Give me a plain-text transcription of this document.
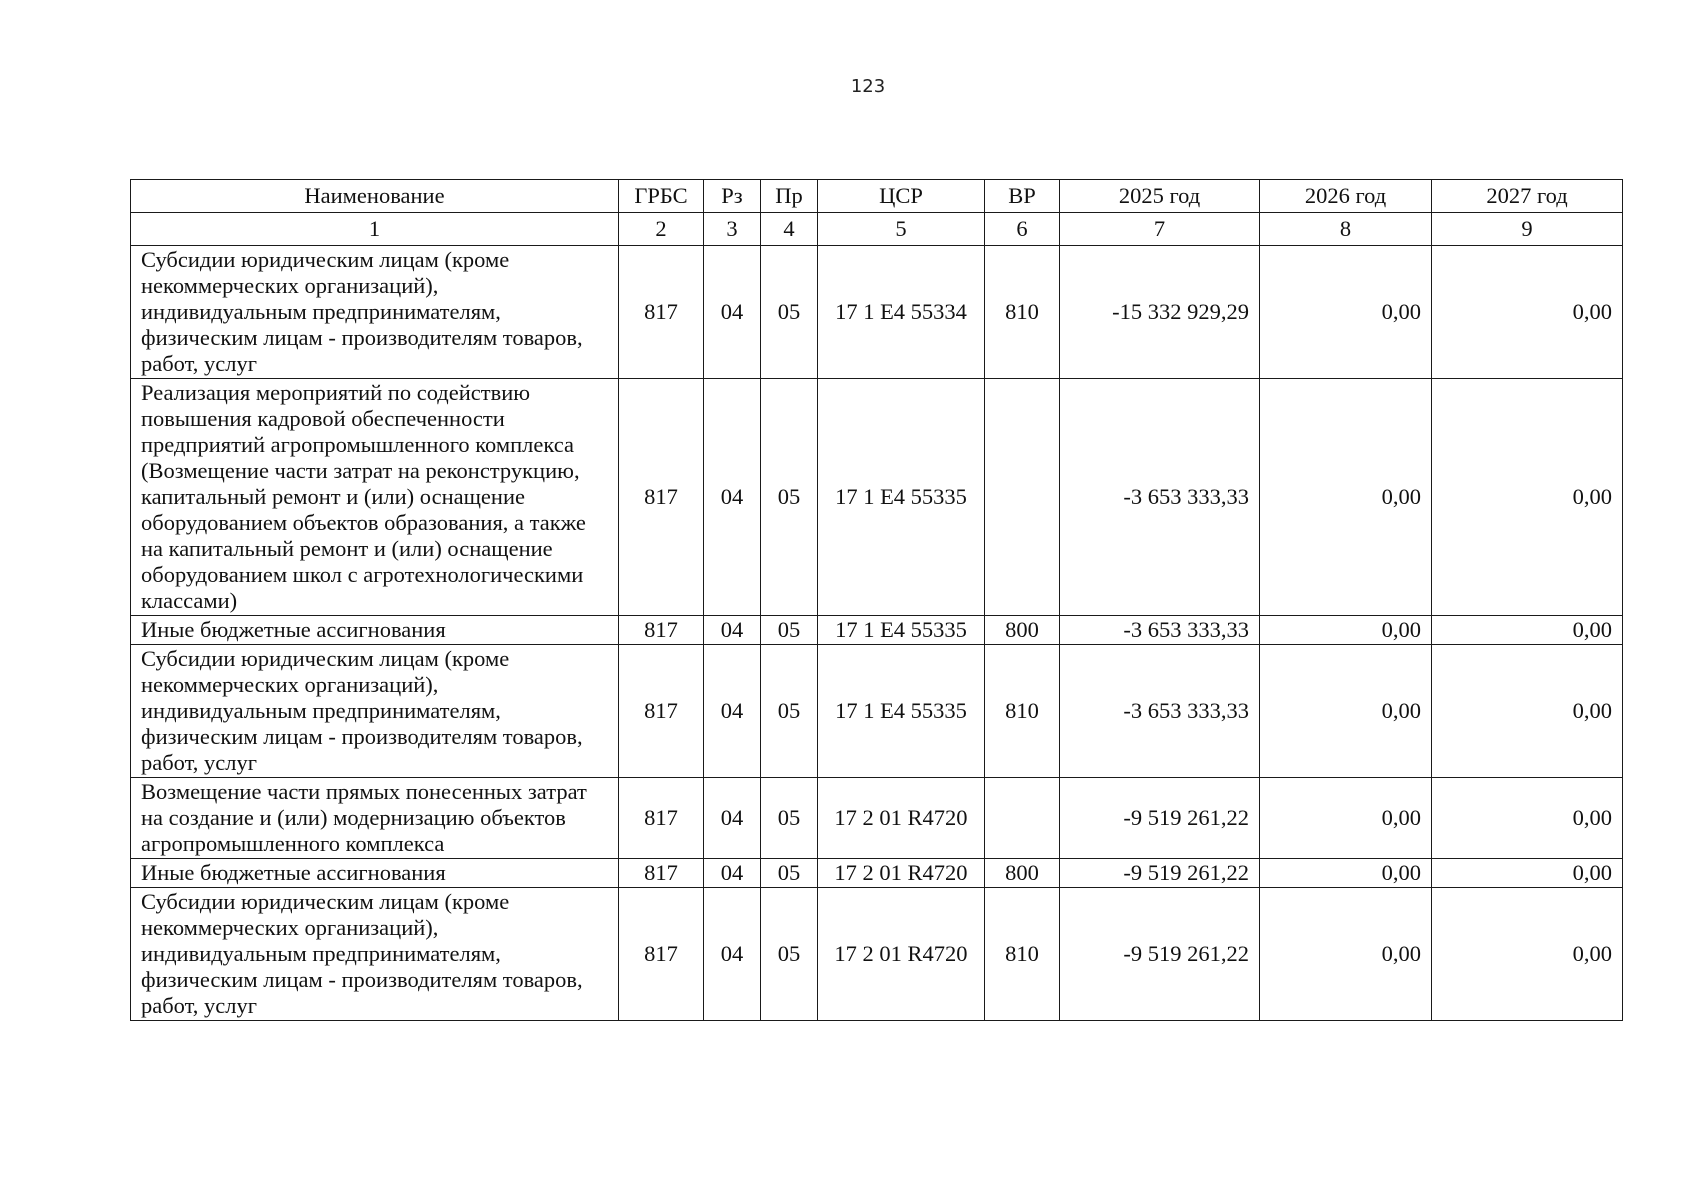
123
Наименование	ГРБС	Рз	Пр	ЦСР	ВР	2025 год	2026 год	2027 год
1	2	3	4	5	6	7	8	9
Субсидии юридическим лицам (кроме некоммерческих организаций), индивидуальным предпринимателям, физическим лицам - производителям товаров, работ, услуг	817	04	05	17 1 E4 55334	810	-15 332 929,29	0,00	0,00
Реализация мероприятий по содействию повышения кадровой обеспеченности предприятий агропромышленного комплекса (Возмещение части затрат на реконструкцию, капитальный ремонт и (или) оснащение оборудованием объектов образования, а также на капитальный ремонт и (или) оснащение оборудованием школ с агротехнологическими классами)	817	04	05	17 1 E4 55335		-3 653 333,33	0,00	0,00
Иные бюджетные ассигнования	817	04	05	17 1 E4 55335	800	-3 653 333,33	0,00	0,00
Субсидии юридическим лицам (кроме некоммерческих организаций), индивидуальным предпринимателям, физическим лицам - производителям товаров, работ, услуг	817	04	05	17 1 E4 55335	810	-3 653 333,33	0,00	0,00
Возмещение части прямых понесенных затрат на создание и (или) модернизацию объектов агропромышленного комплекса	817	04	05	17 2 01 R4720		-9 519 261,22	0,00	0,00
Иные бюджетные ассигнования	817	04	05	17 2 01 R4720	800	-9 519 261,22	0,00	0,00
Субсидии юридическим лицам (кроме некоммерческих организаций), индивидуальным предпринимателям, физическим лицам - производителям товаров, работ, услуг	817	04	05	17 2 01 R4720	810	-9 519 261,22	0,00	0,00
